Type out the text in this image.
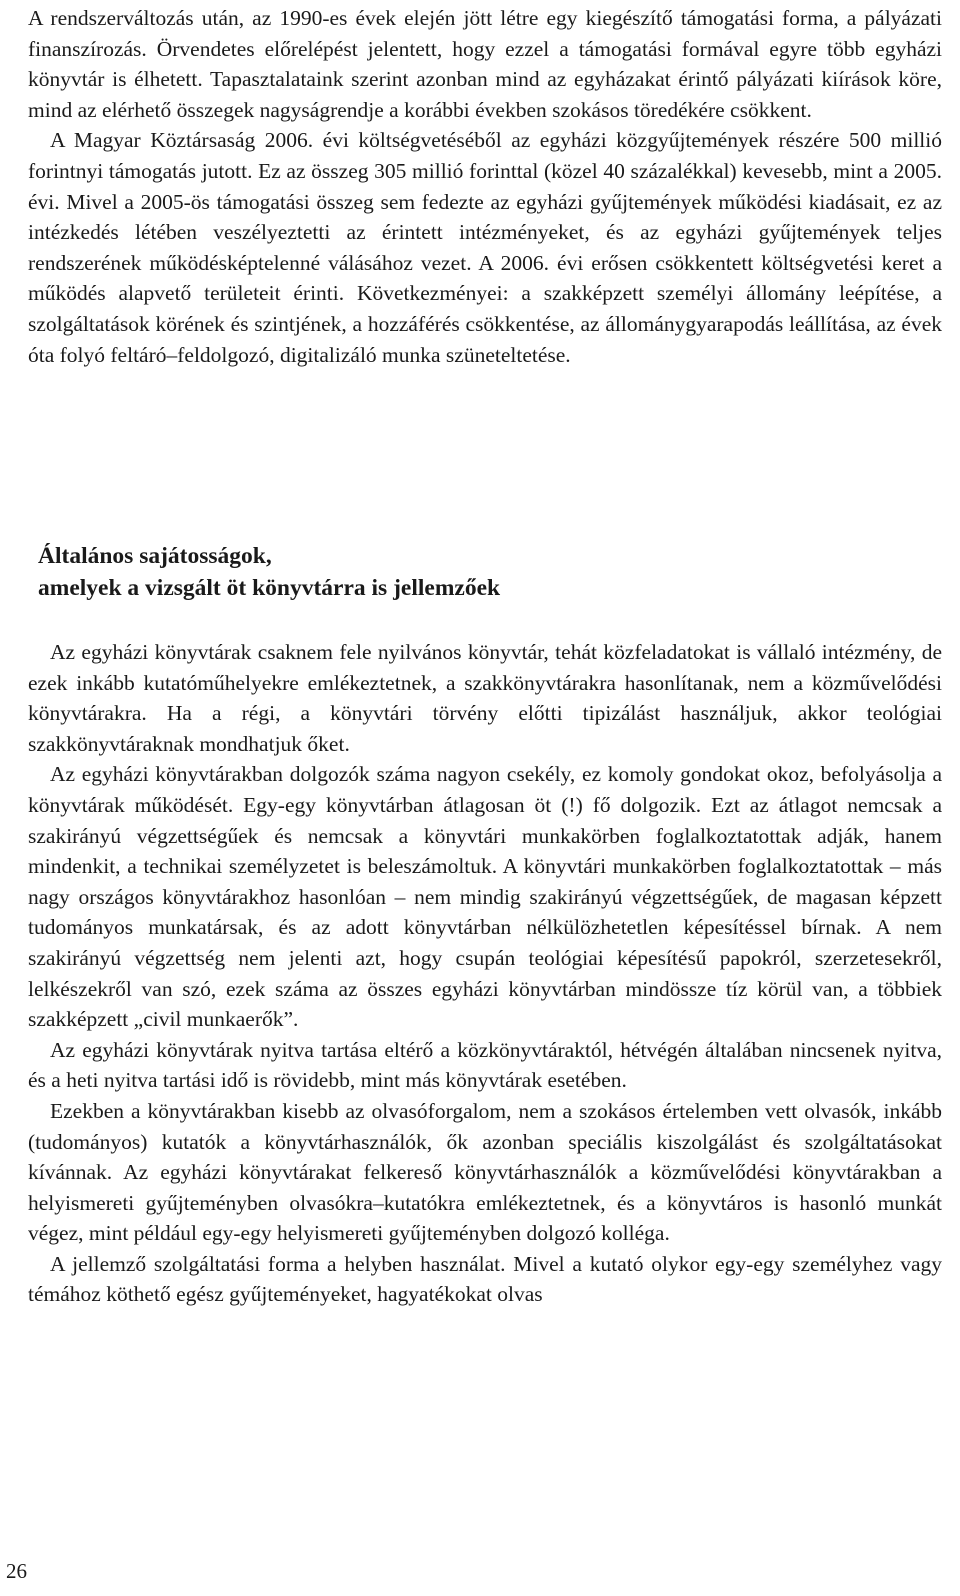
A rendszerváltozás után, az 1990-es évek elején jött létre egy kiegészítő támogatási forma, a pályázati finanszírozás. Örvendetes előrelépést jelentett, hogy ezzel a támogatási formával egyre több egyházi könyvtár is élhetett. Tapasztalataink szerint azonban mind az egyházakat érintő pályázati kiírások köre, mind az elérhető összegek nagyságrendje a korábbi években szokásos töredékére csökkent.

A Magyar Köztársaság 2006. évi költségvetéséből az egyházi közgyűjtemények részére 500 millió forintnyi támogatás jutott. Ez az összeg 305 millió forinttal (közel 40 százalékkal) kevesebb, mint a 2005. évi. Mivel a 2005-ös támogatási összeg sem fedezte az egyházi gyűjtemények működési kiadásait, ez az intézkedés létében veszélyeztetti az érintett intézményeket, és az egyházi gyűjtemények teljes rendszerének működésképtelenné válásához vezet. A 2006. évi erősen csökkentett költségvetési keret a működés alapvető területeit érinti. Következményei: a szakképzett személyi állomány leépítése, a szolgáltatások körének és szintjének, a hozzáférés csökkentése, az állománygyarapodás leállítása, az évek óta folyó feltáró–feldolgozó, digitalizáló munka szüneteltetése.

Általános sajátosságok,
amelyek a vizsgált öt könyvtárra is jellemzőek

Az egyházi könyvtárak csaknem fele nyilvános könyvtár, tehát közfeladatokat is vállaló intézmény, de ezek inkább kutatóműhelyekre emlékeztetnek, a szakkönyvtárakra hasonlítanak, nem a közművelődési könyvtárakra. Ha a régi, a könyvtári törvény előtti tipizálást használjuk, akkor teológiai szakkönyvtáraknak mondhatjuk őket.

Az egyházi könyvtárakban dolgozók száma nagyon csekély, ez komoly gondokat okoz, befolyásolja a könyvtárak működését. Egy-egy könyvtárban átlagosan öt (!) fő dolgozik. Ezt az átlagot nemcsak a szakirányú végzettségűek és nemcsak a könyvtári munkakörben foglalkoztatottak adják, hanem mindenkit, a technikai személyzetet is beleszámoltuk. A könyvtári munkakörben foglalkoztatottak – más nagy országos könyvtárakhoz hasonlóan – nem mindig szakirányú végzettségűek, de magasan képzett tudományos munkatársak, és az adott könyvtárban nélkülözhetetlen képesítéssel bírnak. A nem szakirányú végzettség nem jelenti azt, hogy csupán teológiai képesítésű papokról, szerzetesekről, lelkészekről van szó, ezek száma az összes egyházi könyvtárban mindössze tíz körül van, a többiek szakképzett „civil munkaerők”.

Az egyházi könyvtárak nyitva tartása eltérő a közkönyvtáraktól, hétvégén általában nincsenek nyitva, és a heti nyitva tartási idő is rövidebb, mint más könyvtárak esetében.

Ezekben a könyvtárakban kisebb az olvasóforgalom, nem a szokásos értelemben vett olvasók, inkább (tudományos) kutatók a könyvtárhasználók, ők azonban speciális kiszolgálást és szolgáltatásokat kívánnak. Az egyházi könyvtárakat felkereső könyvtárhasználók a közművelődési könyvtárakban a helyismereti gyűjteményben olvasókra–kutatókra emlékeztetnek, és a könyvtáros is hasonló munkát végez, mint például egy-egy helyismereti gyűjteményben dolgozó kollégа.

A jellemző szolgáltatási forma a helyben használat. Mivel a kutató olykor egy-egy személyhez vagy témához köthető egész gyűjteményeket, hagyatékokat olvas

26
